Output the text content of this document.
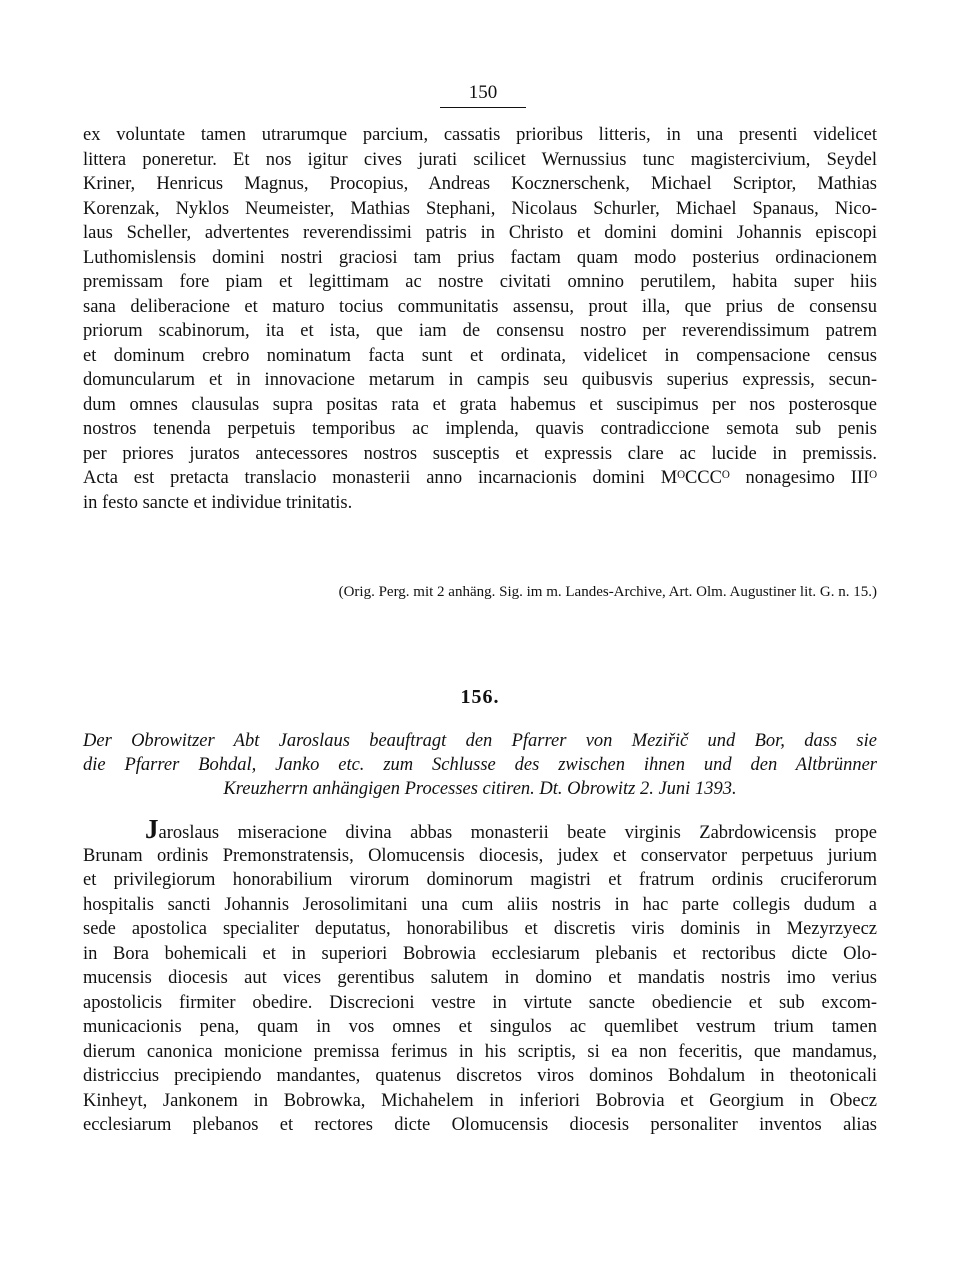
150
ex voluntate tamen utrarumque parcium, cassatis prioribus litteris, in una presenti videlicet
littera poneretur. Et nos igitur cives jurati scilicet Wernussius tunc magistercivium, Seydel
Kriner, Henricus Magnus, Procopius, Andreas Kocznerschenk, Michael Scriptor, Mathias
Korenzak, Nyklos Neumeister, Mathias Stephani, Nicolaus Schurler, Michael Spanaus, Nico-
laus Scheller, advertentes reverendissimi patris in Christo et domini domini Johannis episcopi
Luthomislensis domini nostri graciosi tam prius factam quam modo posterius ordinacionem
premissam fore piam et legittimam ac nostre civitati omnino perutilem, habita super hiis
sana deliberacione et maturo tocius communitatis assensu, prout illa, que prius de consensu
priorum scabinorum, ita et ista, que iam de consensu nostro per reverendissimum patrem
et dominum crebro nominatum facta sunt et ordinata, videlicet in compensacione census
domuncularum et in innovacione metarum in campis seu quibusvis superius expressis, secun-
dum omnes clausulas supra positas rata et grata habemus et suscipimus per nos posterosque
nostros tenenda perpetuis temporibus ac implenda, quavis contradiccione semota sub penis
per priores juratos antecessores nostros susceptis et expressis clare ac lucide in premissis.
Acta est pretacta translacio monasterii anno incarnacionis domini MᴼCCCᴼ nonagesimo IIIᴼ
in festo sancte et individue trinitatis.
(Orig. Perg. mit 2 anhäng. Sig. im m. Landes-Archive, Art. Olm. Augustiner lit. G. n. 15.)
156.
Der Obrowitzer Abt Jaroslaus beauftragt den Pfarrer von Meziřič und Bor, dass sie
die Pfarrer Bohdal, Janko etc. zum Schlusse des zwischen ihnen und den Altbrünner
Kreuzherrn anhängigen Processes citiren. Dt. Obrowitz 2. Juni 1393.
Jaroslaus miseracione divina abbas monasterii beate virginis Zabrdowicensis prope
Brunam ordinis Premonstratensis, Olomucensis diocesis, judex et conservator perpetuus jurium
et privilegiorum honorabilium virorum dominorum magistri et fratrum ordinis cruciferorum
hospitalis sancti Johannis Jerosolimitani una cum aliis nostris in hac parte collegis dudum a
sede apostolica specialiter deputatus, honorabilibus et discretis viris dominis in Mezyrzyecz
in Bora bohemicali et in superiori Bobrowia ecclesiarum plebanis et rectoribus dicte Olo-
mucensis diocesis aut vices gerentibus salutem in domino et mandatis nostris imo verius
apostolicis firmiter obedire. Discrecioni vestre in virtute sancte obediencie et sub excom-
municacionis pena, quam in vos omnes et singulos ac quemlibet vestrum trium tamen
dierum canonica monicione premissa ferimus in his scriptis, si ea non feceritis, que mandamus,
districcius precipiendo mandantes, quatenus discretos viros dominos Bohdalum in theotonicali
Kinheyt, Jankonem in Bobrowka, Michahelem in inferiori Bobrovia et Georgium in Obecz
ecclesiarum plebanos et rectores dicte Olomucensis diocesis personaliter inventos alias
